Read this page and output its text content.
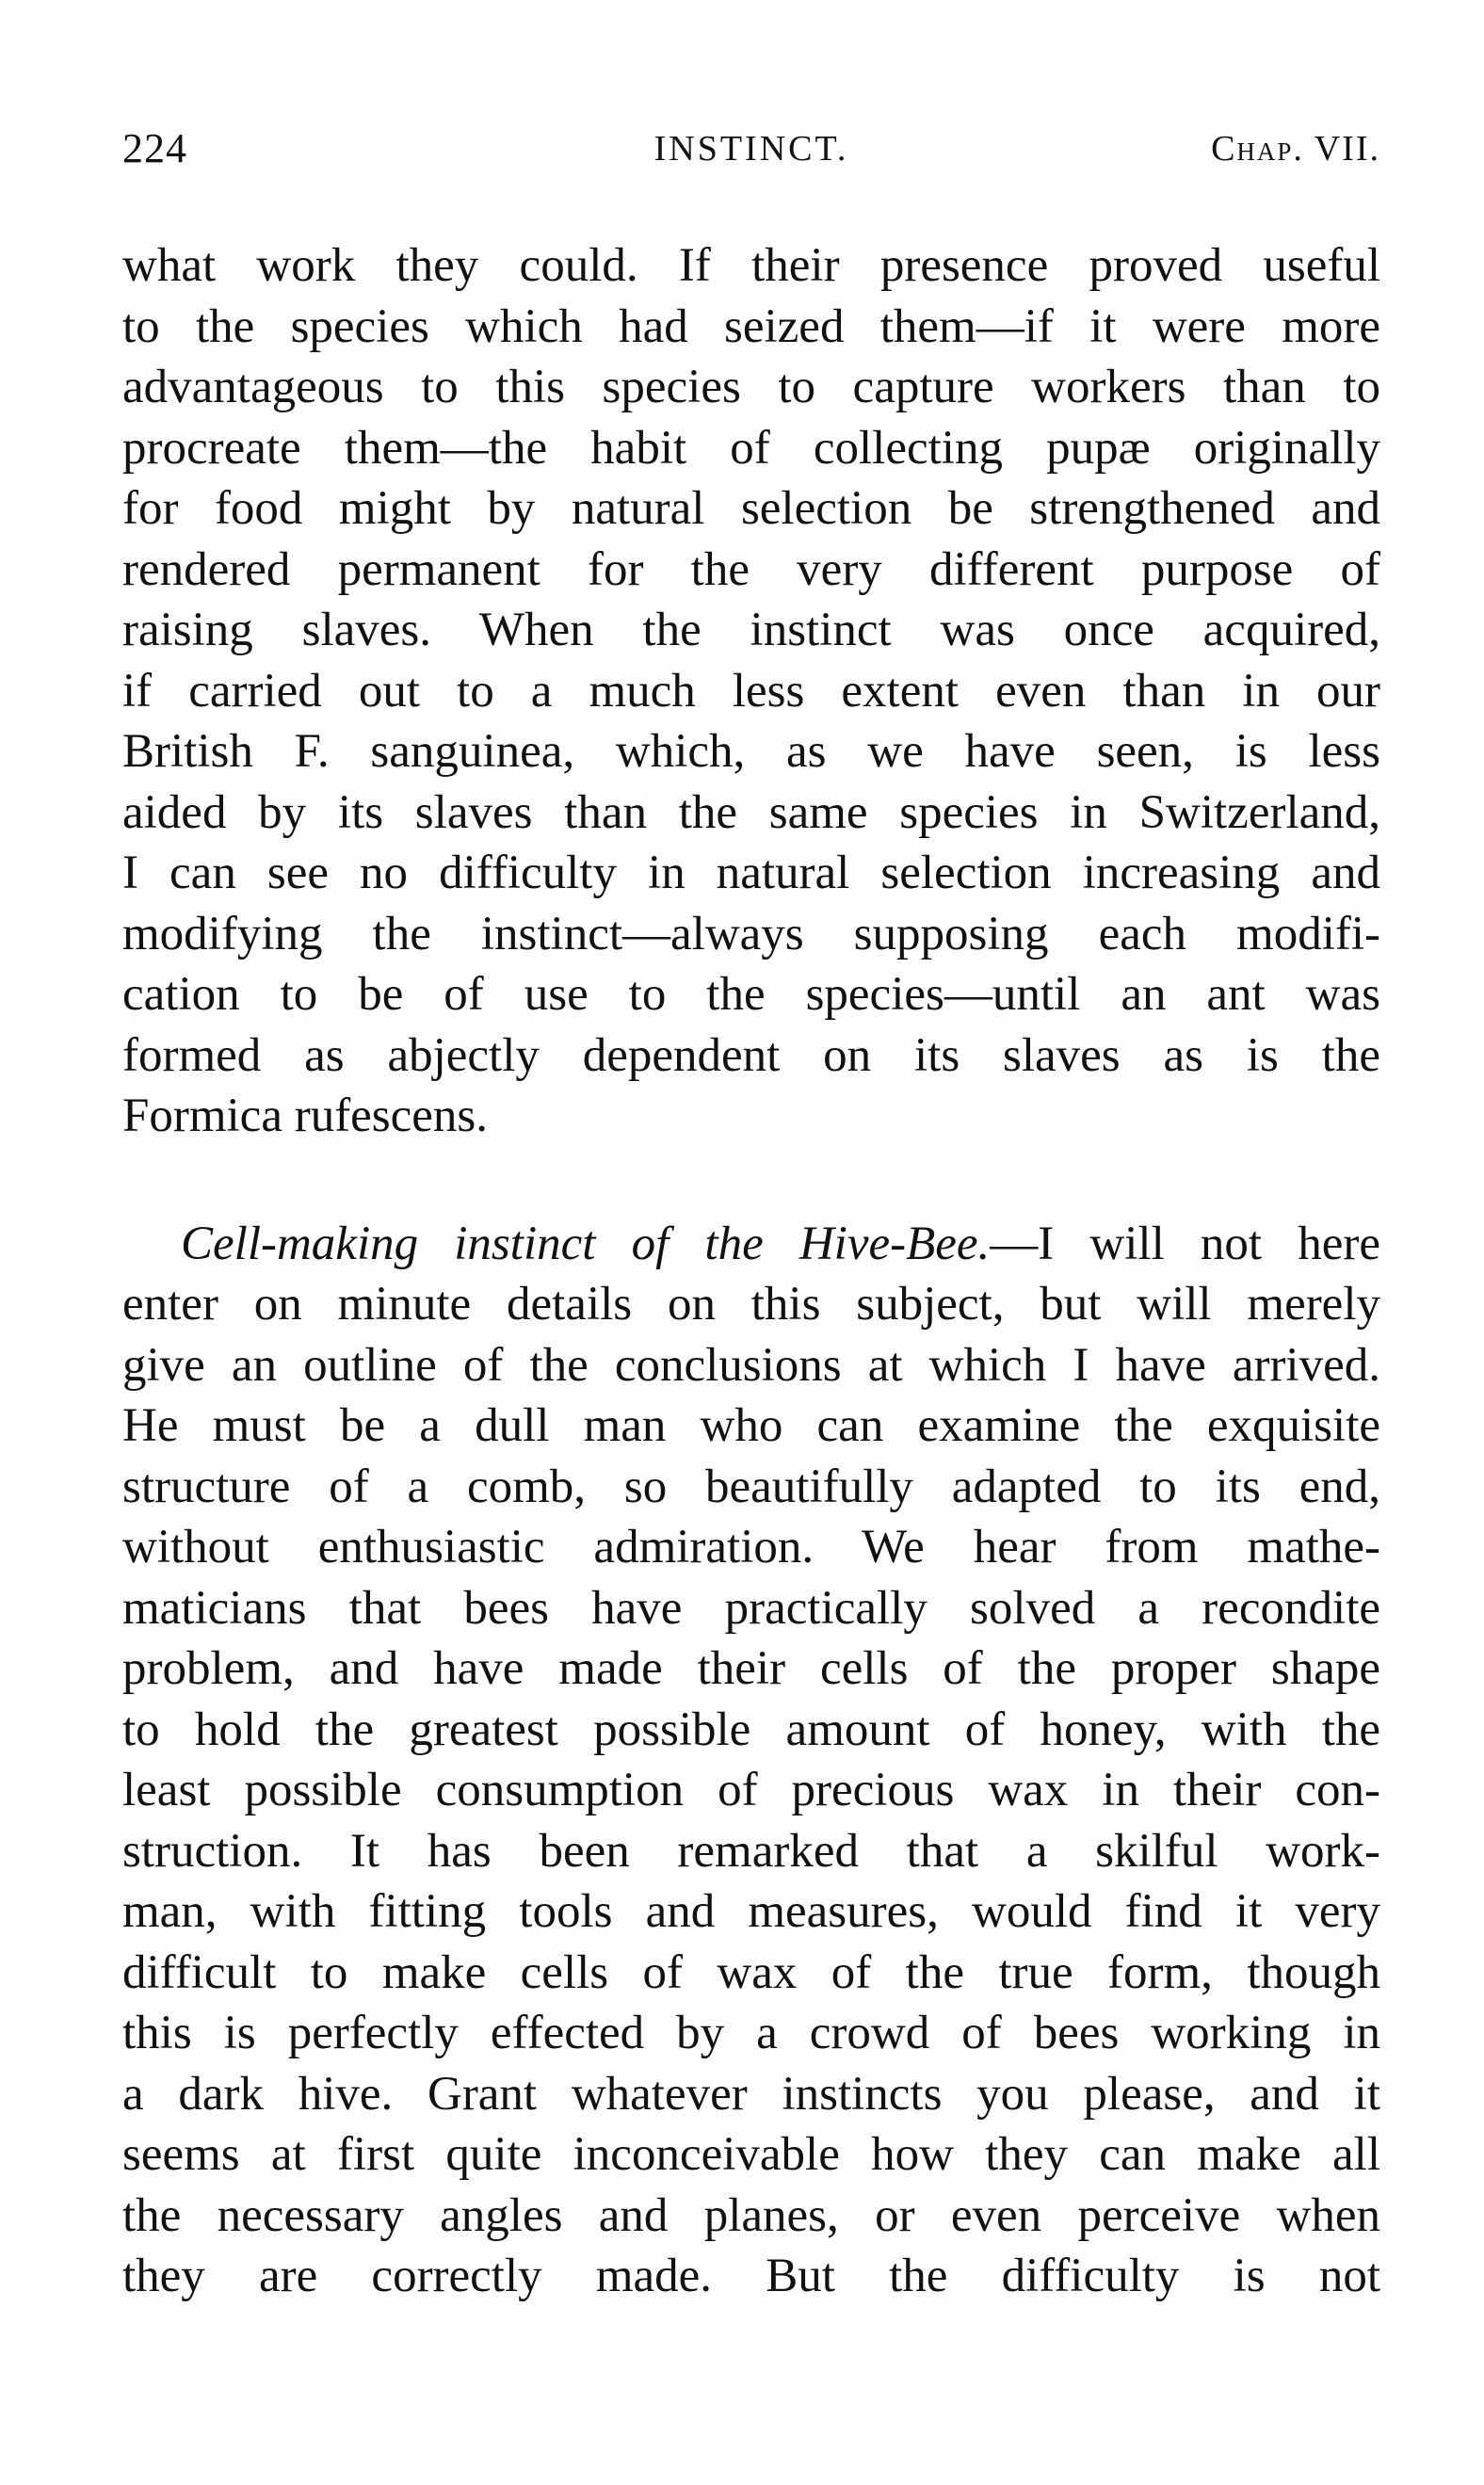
224	INSTINCT.	Chap. VII.
what work they could. If their presence proved useful
to the species which had seized them—if it were more
advantageous to this species to capture workers than to
procreate them—the habit of collecting pupæ originally
for food might by natural selection be strengthened and
rendered permanent for the very different purpose of
raising slaves. When the instinct was once acquired,
if carried out to a much less extent even than in our
British F. sanguinea, which, as we have seen, is less
aided by its slaves than the same species in Switzerland,
I can see no difficulty in natural selection increasing and
modifying the instinct—always supposing each modifi-
cation to be of use to the species—until an ant was
formed as abjectly dependent on its slaves as is the
Formica rufescens.
Cell-making instinct of the Hive-Bee.—I will not here
enter on minute details on this subject, but will merely
give an outline of the conclusions at which I have arrived.
He must be a dull man who can examine the exquisite
structure of a comb, so beautifully adapted to its end,
without enthusiastic admiration. We hear from mathe-
maticians that bees have practically solved a recondite
problem, and have made their cells of the proper shape
to hold the greatest possible amount of honey, with the
least possible consumption of precious wax in their con-
struction. It has been remarked that a skilful work-
man, with fitting tools and measures, would find it very
difficult to make cells of wax of the true form, though
this is perfectly effected by a crowd of bees working in
a dark hive. Grant whatever instincts you please, and it
seems at first quite inconceivable how they can make all
the necessary angles and planes, or even perceive when
they are correctly made. But the difficulty is not
